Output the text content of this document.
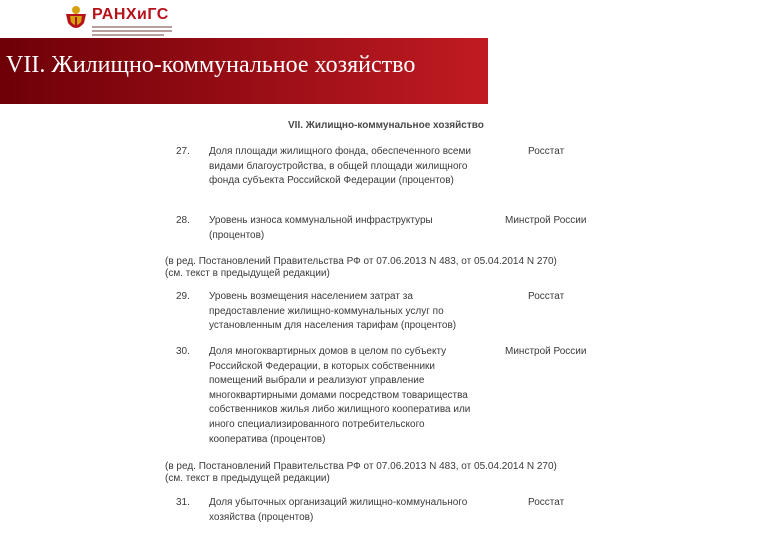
РАНХиГС
VII. Жилищно-коммунальное хозяйство
VII. Жилищно-коммунальное хозяйство
27. Доля площади жилищного фонда, обеспеченного всеми видами благоустройства, в общей площади жилищного фонда субъекта Российской Федерации (процентов)
Росстат
28. Уровень износа коммунальной инфраструктуры (процентов)
Минстрой России
(в ред. Постановлений Правительства РФ от 07.06.2013 N 483, от 05.04.2014 N 270)
(см. текст в предыдущей редакции)
29. Уровень возмещения населением затрат за предоставление жилищно-коммунальных услуг по установленным для населения тарифам (процентов)
Росстат
30. Доля многоквартирных домов в целом по субъекту Российской Федерации, в которых собственники помещений выбрали и реализуют управление многоквартирными домами посредством товарищества собственников жилья либо жилищного кооператива или иного специализированного потребительского кооператива (процентов)
Минстрой России
(в ред. Постановлений Правительства РФ от 07.06.2013 N 483, от 05.04.2014 N 270)
(см. текст в предыдущей редакции)
31. Доля убыточных организаций жилищно-коммунального хозяйства (процентов)
Росстат
